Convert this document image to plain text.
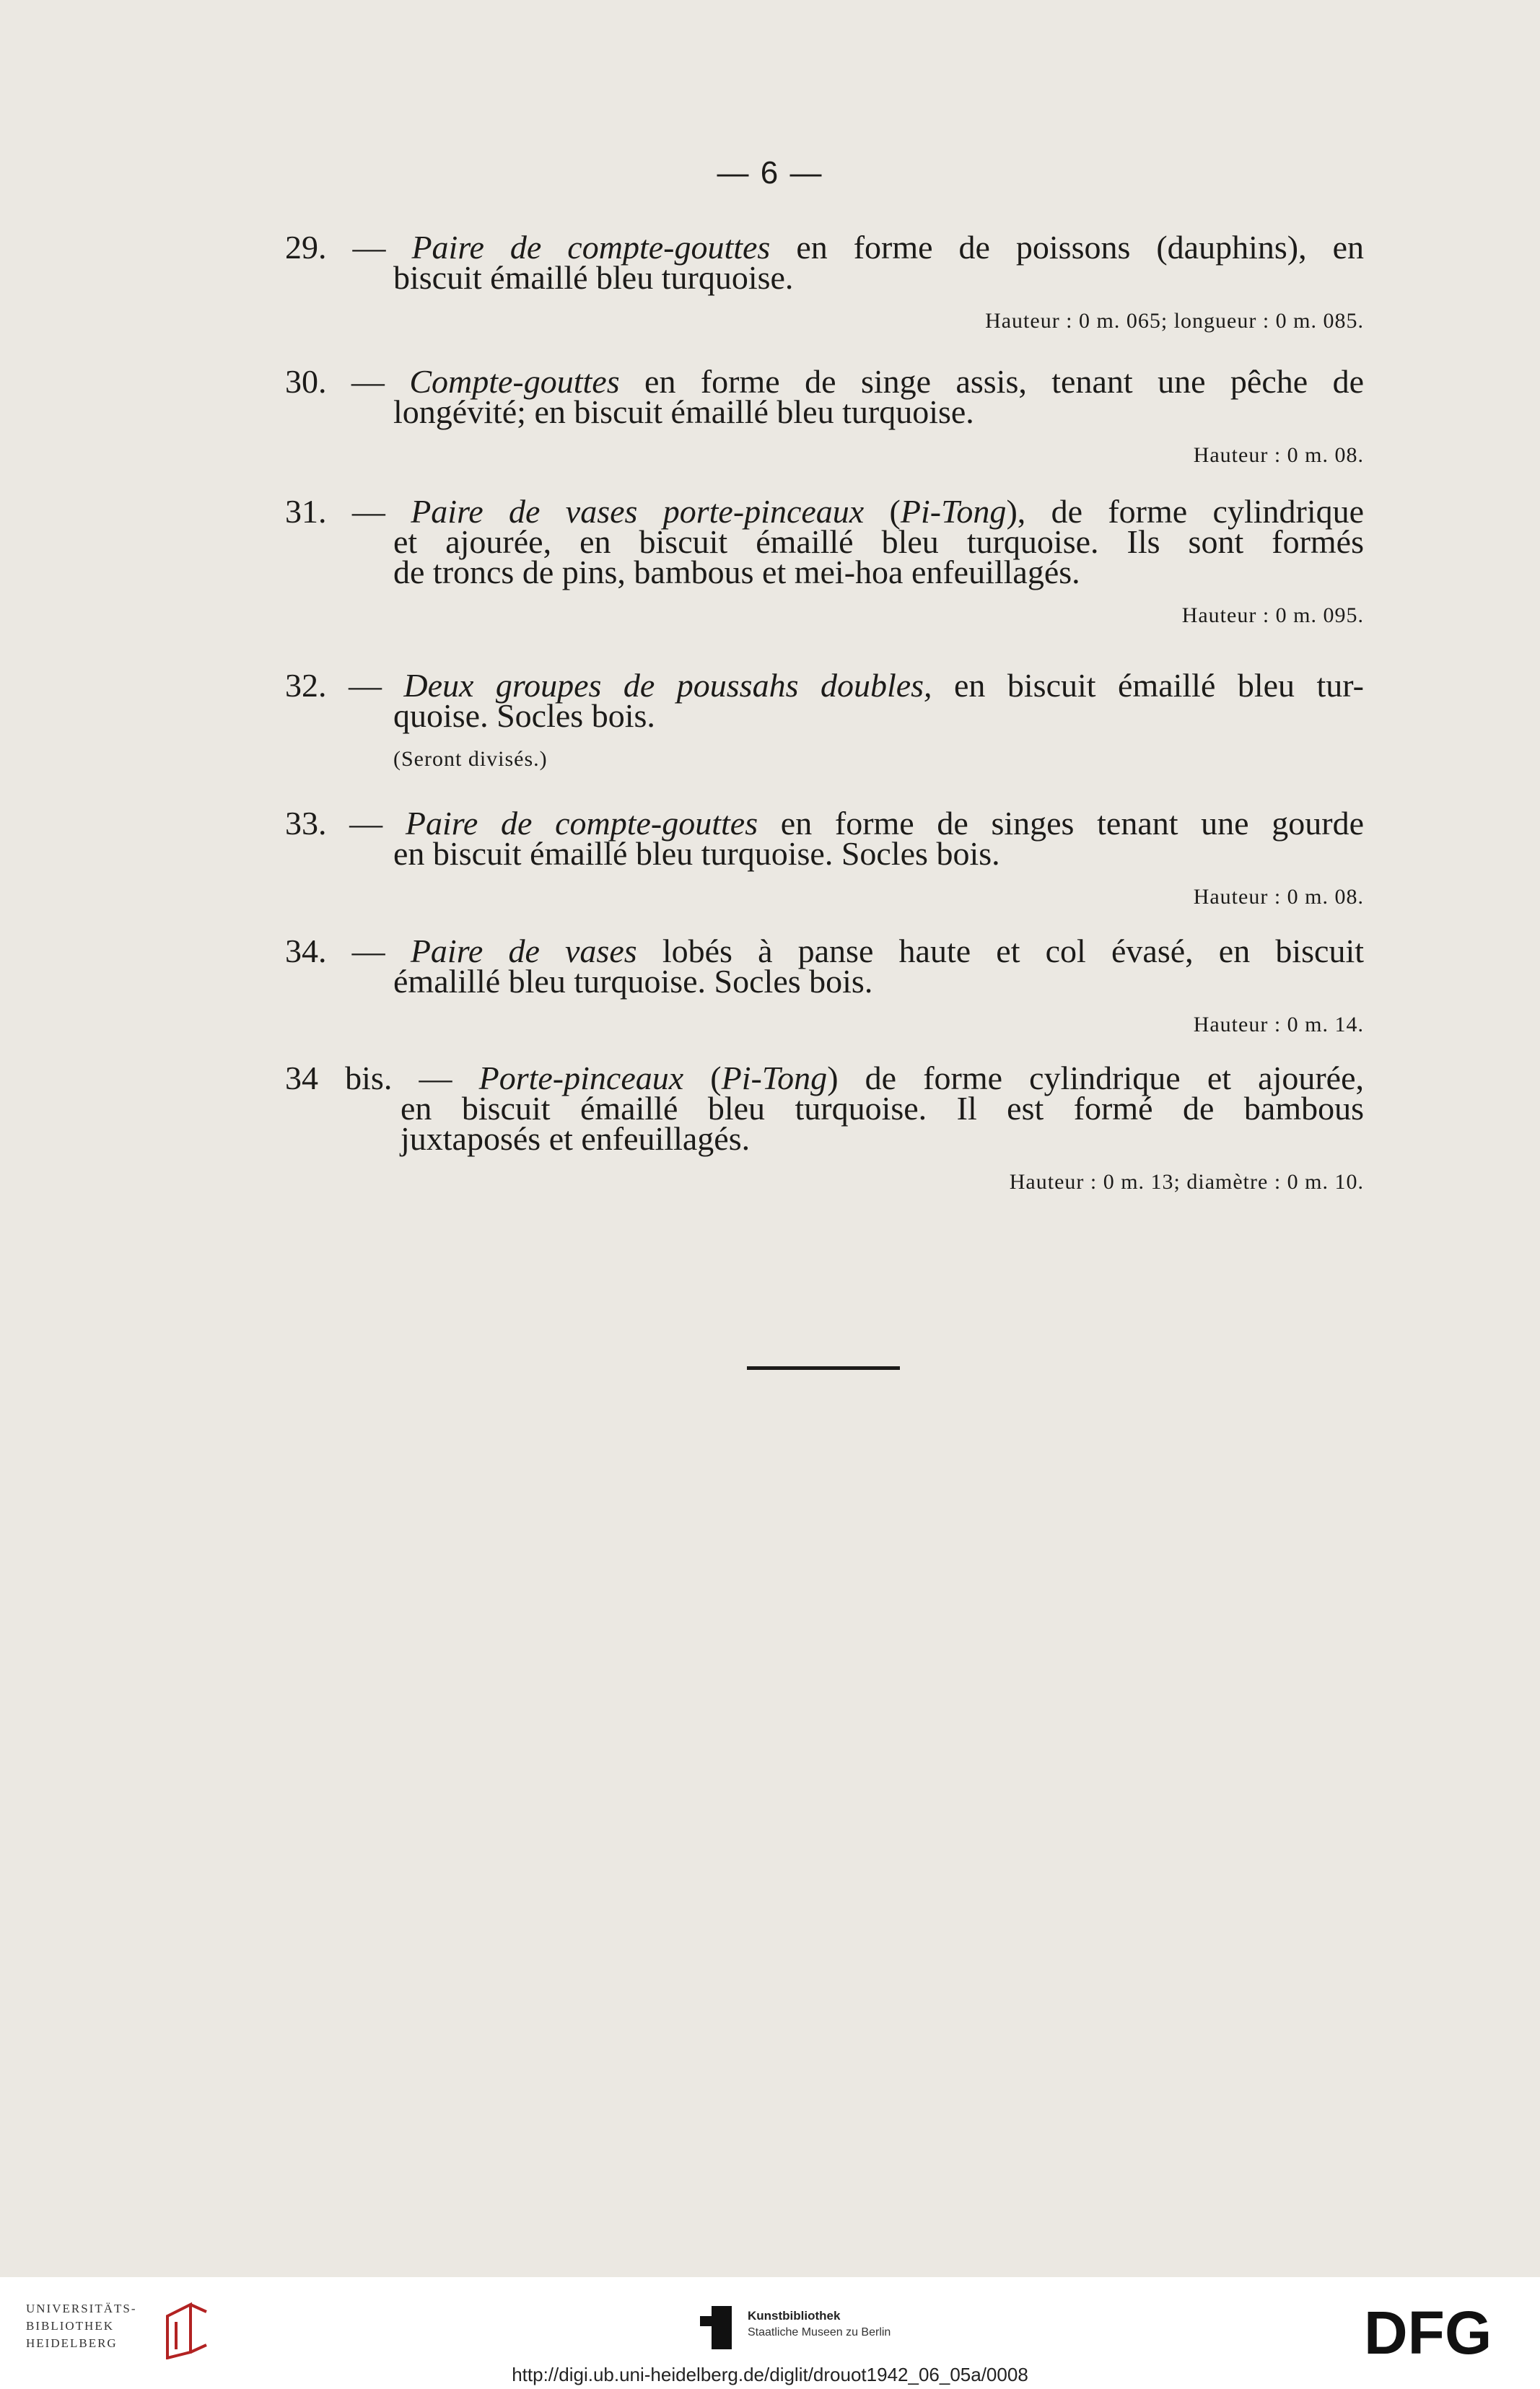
— 6 —
29. — Paire de compte-gouttes en forme de poissons (dauphins), en
biscuit émaillé bleu turquoise.
Hauteur : 0 m. 065; longueur : 0 m. 085.
30. — Compte-gouttes en forme de singe assis, tenant une pêche de
longévité; en biscuit émaillé bleu turquoise.
Hauteur : 0 m. 08.
31. — Paire de vases porte-pinceaux (Pi-Tong), de forme cylindrique
et ajourée, en biscuit émaillé bleu turquoise. Ils sont formés
de troncs de pins, bambous et mei-hoa enfeuillagés.
Hauteur : 0 m. 095.
32. — Deux groupes de poussahs doubles, en biscuit émaillé bleu tur-
quoise. Socles bois.
(Seront divisés.)
33. — Paire de compte-gouttes en forme de singes tenant une gourde
en biscuit émaillé bleu turquoise. Socles bois.
Hauteur : 0 m. 08.
34. — Paire de vases lobés à panse haute et col évasé, en biscuit
émalillé bleu turquoise. Socles bois.
Hauteur : 0 m. 14.
34 bis. — Porte-pinceaux (Pi-Tong) de forme cylindrique et ajourée,
en biscuit émaillé bleu turquoise. Il est formé de bambous
juxtaposés et enfeuillagés.
Hauteur : 0 m. 13; diamètre : 0 m. 10.
UNIVERSITÄTS-
BIBLIOTHEK
HEIDELBERG
Kunstbibliothek
Staatliche Museen zu Berlin	DFG
http://digi.ub.uni-heidelberg.de/diglit/drouot1942_06_05a/0008
